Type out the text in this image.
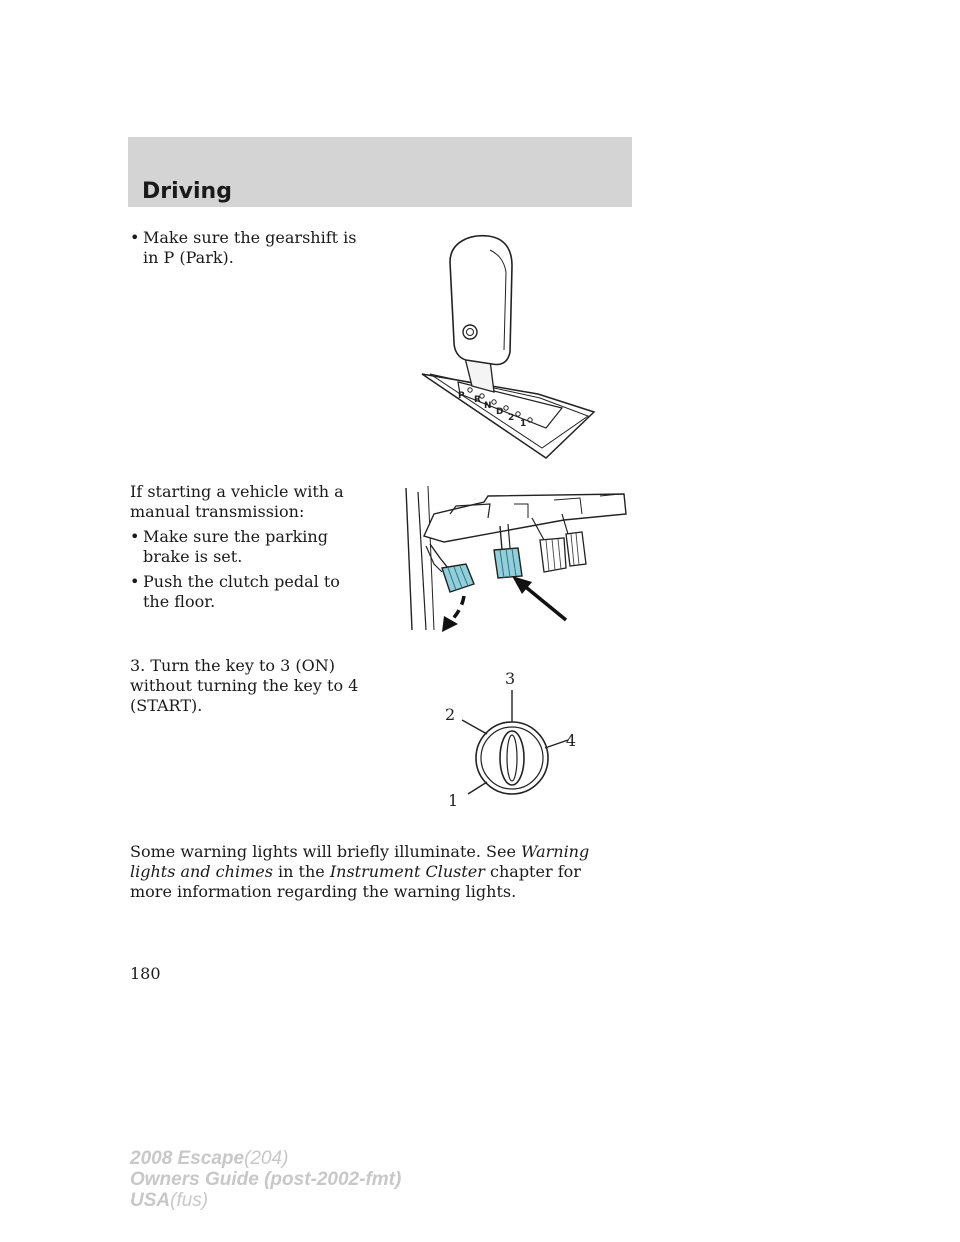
Driving
• Make sure the gearshift is in P (Park).
P R
N
D
2
1
If starting a vehicle with a manual transmission:
• Make sure the parking brake is set.
• Push the clutch pedal to the floor.
3. Turn the key to 3 (ON) without turning the key to 4 (START).
3
2
4
1
Some warning lights will briefly illuminate. See Warning lights and chimes in the Instrument Cluster chapter for more information regarding the warning lights.
180
2008 Escape(204)
Owners Guide (post-2002-fmt)
USA(fus)
